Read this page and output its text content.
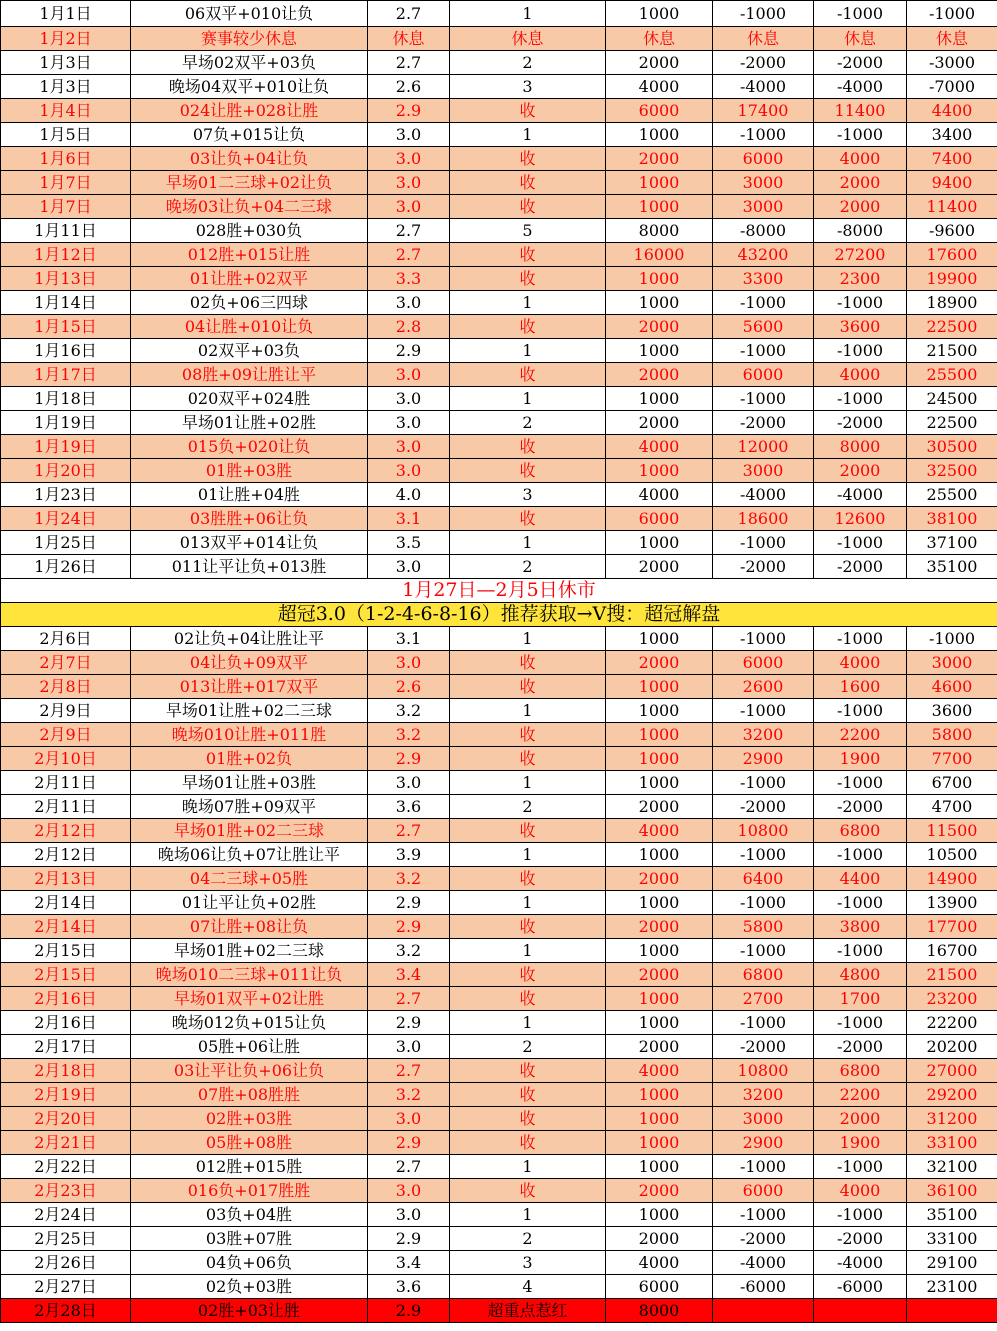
1月1日	06双平+010让负	2.7	1	1000	-1000	-1000	-1000
1月2日	赛事较少休息	休息	休息	休息	休息	休息	休息
1月3日	早场02双平+03负	2.7	2	2000	-2000	-2000	-3000
1月3日	晚场04双平+010让负	2.6	3	4000	-4000	-4000	-7000
1月4日	024让胜+028让胜	2.9	收	6000	17400	11400	4400
1月5日	07负+015让负	3.0	1	1000	-1000	-1000	3400
1月6日	03让负+04让负	3.0	收	2000	6000	4000	7400
1月7日	早场01二三球+02让负	3.0	收	1000	3000	2000	9400
1月7日	晚场03让负+04二三球	3.0	收	1000	3000	2000	11400
1月11日	028胜+030负	2.7	5	8000	-8000	-8000	-9600
1月12日	012胜+015让胜	2.7	收	16000	43200	27200	17600
1月13日	01让胜+02双平	3.3	收	1000	3300	2300	19900
1月14日	02负+06三四球	3.0	1	1000	-1000	-1000	18900
1月15日	04让胜+010让负	2.8	收	2000	5600	3600	22500
1月16日	02双平+03负	2.9	1	1000	-1000	-1000	21500
1月17日	08胜+09让胜让平	3.0	收	2000	6000	4000	25500
1月18日	020双平+024胜	3.0	1	1000	-1000	-1000	24500
1月19日	早场01让胜+02胜	3.0	2	2000	-2000	-2000	22500
1月19日	015负+020让负	3.0	收	4000	12000	8000	30500
1月20日	01胜+03胜	3.0	收	1000	3000	2000	32500
1月23日	01让胜+04胜	4.0	3	4000	-4000	-4000	25500
1月24日	03胜胜+06让负	3.1	收	6000	18600	12600	38100
1月25日	013双平+014让负	3.5	1	1000	-1000	-1000	37100
1月26日	011让平让负+013胜	3.0	2	2000	-2000	-2000	35100
1月27日—2月5日休市							
超冠3.0（1-2-4-6-8-16）推荐获取→V搜：超冠解盘							
2月6日	02让负+04让胜让平	3.1	1	1000	-1000	-1000	-1000
2月7日	04让负+09双平	3.0	收	2000	6000	4000	3000
2月8日	013让胜+017双平	2.6	收	1000	2600	1600	4600
2月9日	早场01让胜+02二三球	3.2	1	1000	-1000	-1000	3600
2月9日	晚场010让胜+011胜	3.2	收	1000	3200	2200	5800
2月10日	01胜+02负	2.9	收	1000	2900	1900	7700
2月11日	早场01让胜+03胜	3.0	1	1000	-1000	-1000	6700
2月11日	晚场07胜+09双平	3.6	2	2000	-2000	-2000	4700
2月12日	早场01胜+02二三球	2.7	收	4000	10800	6800	11500
2月12日	晚场06让负+07让胜让平	3.9	1	1000	-1000	-1000	10500
2月13日	04二三球+05胜	3.2	收	2000	6400	4400	14900
2月14日	01让平让负+02胜	2.9	1	1000	-1000	-1000	13900
2月14日	07让胜+08让负	2.9	收	2000	5800	3800	17700
2月15日	早场01胜+02二三球	3.2	1	1000	-1000	-1000	16700
2月15日	晚场010二三球+011让负	3.4	收	2000	6800	4800	21500
2月16日	早场01双平+02让胜	2.7	收	1000	2700	1700	23200
2月16日	晚场012负+015让负	2.9	1	1000	-1000	-1000	22200
2月17日	05胜+06让胜	3.0	2	2000	-2000	-2000	20200
2月18日	03让平让负+06让负	2.7	收	4000	10800	6800	27000
2月19日	07胜+08胜胜	3.2	收	1000	3200	2200	29200
2月20日	02胜+03胜	3.0	收	1000	3000	2000	31200
2月21日	05胜+08胜	2.9	收	1000	2900	1900	33100
2月22日	012胜+015胜	2.7	1	1000	-1000	-1000	32100
2月23日	016负+017胜胜	3.0	收	2000	6000	4000	36100
2月24日	03负+04胜	3.0	1	1000	-1000	-1000	35100
2月25日	03胜+07胜	2.9	2	2000	-2000	-2000	33100
2月26日	04负+06负	3.4	3	4000	-4000	-4000	29100
2月27日	02负+03胜	3.6	4	6000	-6000	-6000	23100
2月28日	02胜+03让胜	2.9	超重点惹红	8000			
